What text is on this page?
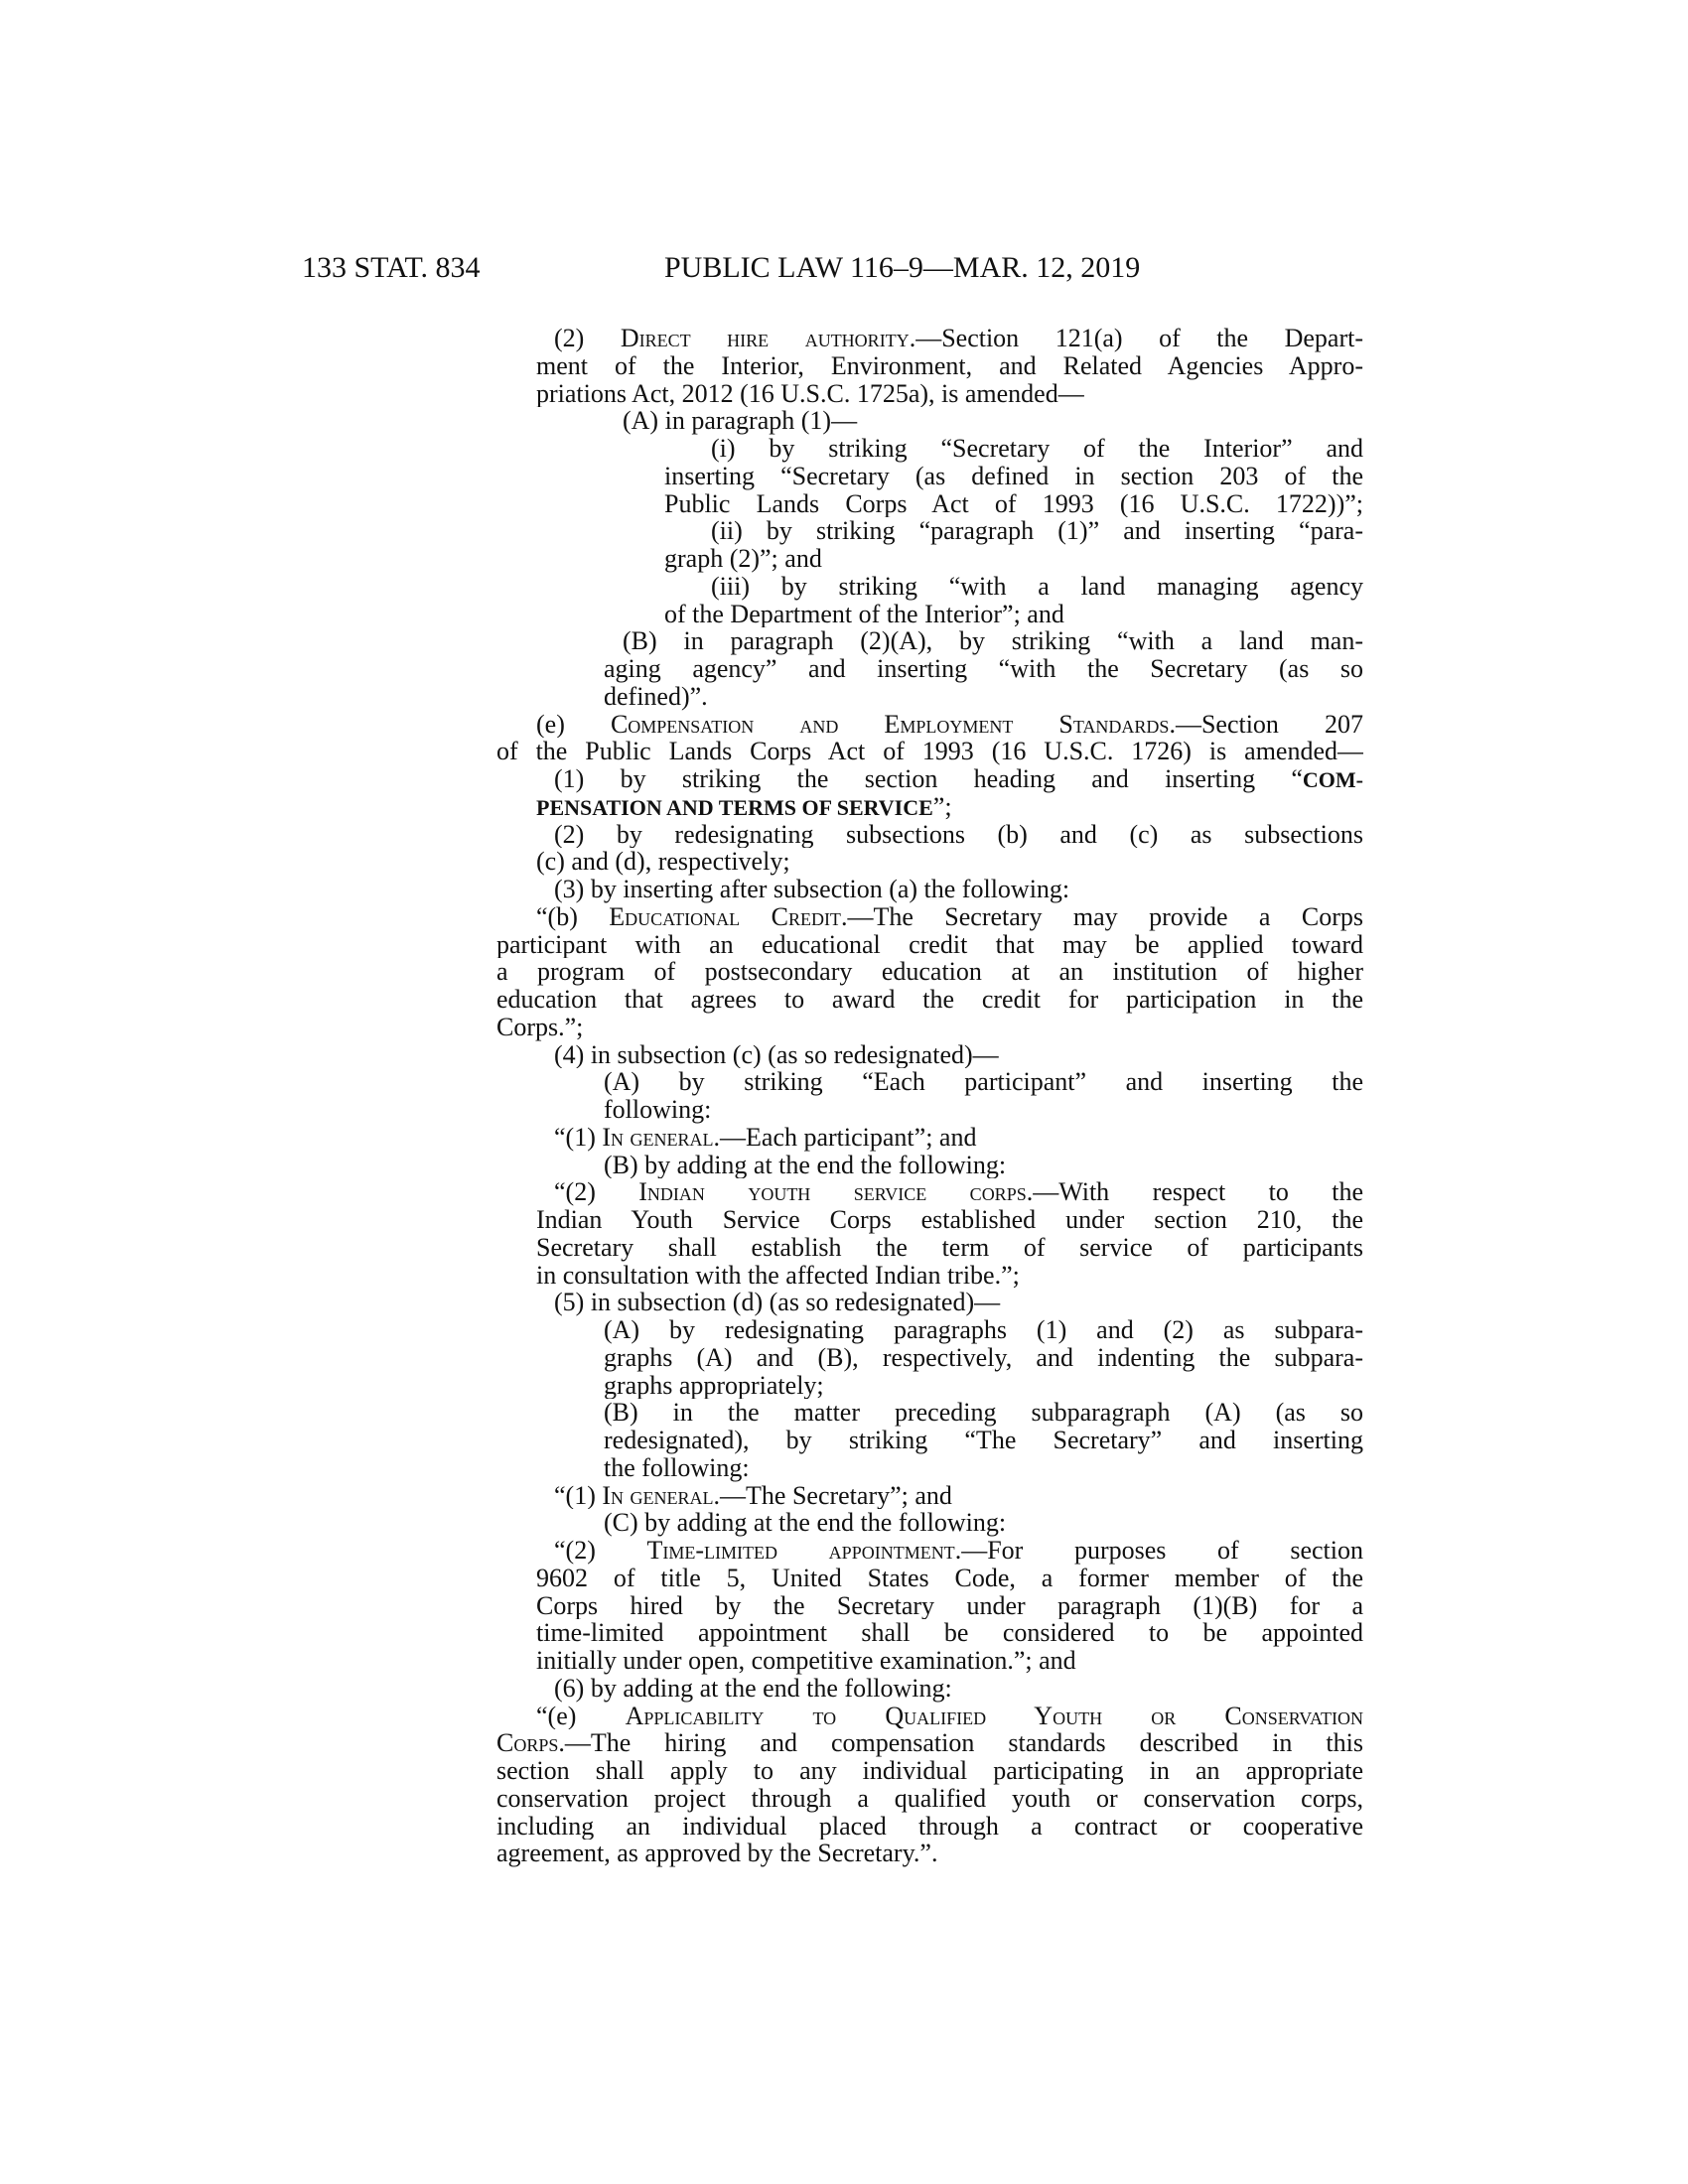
133 STAT. 834	PUBLIC LAW 116–9—MAR. 12, 2019
(2) Direct hire authority.—Section 121(a) of the Depart-
ment of the Interior, Environment, and Related Agencies Appro-
priations Act, 2012 (16 U.S.C. 1725a), is amended—
(A) in paragraph (1)—
(i) by striking “Secretary of the Interior” and
inserting “Secretary (as defined in section 203 of the
Public Lands Corps Act of 1993 (16 U.S.C. 1722))”;
(ii) by striking “paragraph (1)” and inserting “para-
graph (2)”; and
(iii) by striking “with a land managing agency
of the Department of the Interior”; and
(B) in paragraph (2)(A), by striking “with a land man-
aging agency” and inserting “with the Secretary (as so
defined)”.
(e) Compensation and Employment Standards.—Section 207
of the Public Lands Corps Act of 1993 (16 U.S.C. 1726) is amended—
(1) by striking the section heading and inserting “COM-
PENSATION AND TERMS OF SERVICE”;
(2) by redesignating subsections (b) and (c) as subsections
(c) and (d), respectively;
(3) by inserting after subsection (a) the following:
“(b) Educational Credit.—The Secretary may provide a Corps
participant with an educational credit that may be applied toward
a program of postsecondary education at an institution of higher
education that agrees to award the credit for participation in the
Corps.”;
(4) in subsection (c) (as so redesignated)—
(A) by striking “Each participant” and inserting the
following:
“(1) In general.—Each participant”; and
(B) by adding at the end the following:
“(2) Indian youth service corps.—With respect to the
Indian Youth Service Corps established under section 210, the
Secretary shall establish the term of service of participants
in consultation with the affected Indian tribe.”;
(5) in subsection (d) (as so redesignated)—
(A) by redesignating paragraphs (1) and (2) as subpara-
graphs (A) and (B), respectively, and indenting the subpara-
graphs appropriately;
(B) in the matter preceding subparagraph (A) (as so
redesignated), by striking “The Secretary” and inserting
the following:
“(1) In general.—The Secretary”; and
(C) by adding at the end the following:
“(2) Time-limited appointment.—For purposes of section
9602 of title 5, United States Code, a former member of the
Corps hired by the Secretary under paragraph (1)(B) for a
time-limited appointment shall be considered to be appointed
initially under open, competitive examination.”; and
(6) by adding at the end the following:
“(e) Applicability to Qualified Youth or Conservation
Corps.—The hiring and compensation standards described in this
section shall apply to any individual participating in an appropriate
conservation project through a qualified youth or conservation corps,
including an individual placed through a contract or cooperative
agreement, as approved by the Secretary.”.
